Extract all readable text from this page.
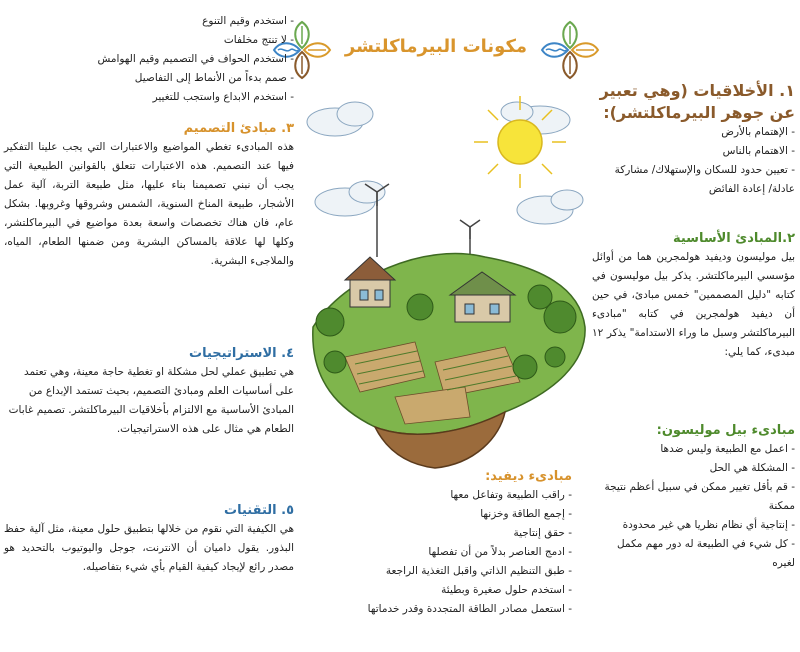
مكونات البيرماكلتشر
١. الأخلاقيات (وهي تعبير عن جوهر البيرماكلتشر):
- الإهتمام بالأرض
- الاهتمام بالناس
- تعيين حدود للسكان والإستهلاك/ مشاركة عادلة/ إعادة الفائض
٢.المبادئ الأساسية

بيل موليسون وديفيد هولمجرين هما من أوائل مؤسسي البيرماكلتشر. يذكر بيل موليسون في كتابه "دليل المصممين" خمس مبادئ، في حين أن ديفيد هولمجرين في كتابه "مبادىء البيرماكلتشر وسبل ما وراء الاستدامة" يذكر ١٢ مبدىء، كما يلي:

مبادىء بيل موليسون:
- اعمل مع الطبيعة وليس ضدها
- المشكلة هي الحل
- قم بأقل تغيير ممكن في سبيل أعظم نتيجة ممكنة
- إنتاجية أي نظام نظريا هي غير محدودة
- كل شيء في الطبيعة له دور مهم مكمل لغيره
مبادىء ديفيد:
- راقب الطبيعة وتفاعل معها
- إجمع الطاقة وخزنها
- حقق إنتاجية
- ادمج العناصر بدلاً من أن تفصلها
- طبق التنظيم الذاتي واقبل التغذية الراجعة
- استخدم حلول صغيرة وبطيئة
- استعمل مصادر الطاقة المتجددة وقدر خدماتها
- استخدم وقيم التنوع
- لا تنتج مخلفات
- استخدم الحواف في التصميم وقيم الهوامش
- صمم بدءاً من الأنماط إلى التفاصيل
- استخدم الابداع واستجب للتغيير
٣. مبادئ التصميم

هذه المبادىء تغطي المواضيع والاعتبارات التي يجب علينا التفكير فيها عند التصميم. هذه الاعتبارات تتعلق بالقوانين الطبيعية التي يجب أن نبني تصميمنا بناء عليها، مثل طبيعة التربة، آلية عمل الأشجار، طبيعة المناخ السنوية، الشمس وشروقها وغروبها. بشكل عام، فان هناك تخصصات واسعة بعدة مواضيع في البيرماكلتشر، وكلها لها علاقة بالمساكن البشرية ومن ضمنها الطعام، المياه، والملاجىء البشرية.

٤. الاستراتيجيات

هي تطبيق عملي لحل مشكلة او تغطية حاجة معينة، وهي تعتمد على أساسيات العلم ومبادئ التصميم، بحيث تستمد الإبداع من المبادئ الأساسية مع الالتزام بأخلاقيات البيرماكلتشر. تصميم غابات الطعام هي مثال على هذه الاستراتيجيات.

٥. التقنيات

هي الكيفية التي نقوم من خلالها بتطبيق حلول معينة، مثل آلية حفظ البذور. يقول داميان أن الانترنت، جوجل واليوتيوب بالتحديد هو مصدر رائع لإيجاد كيفية القيام بأي شيء بتفاصيله.
